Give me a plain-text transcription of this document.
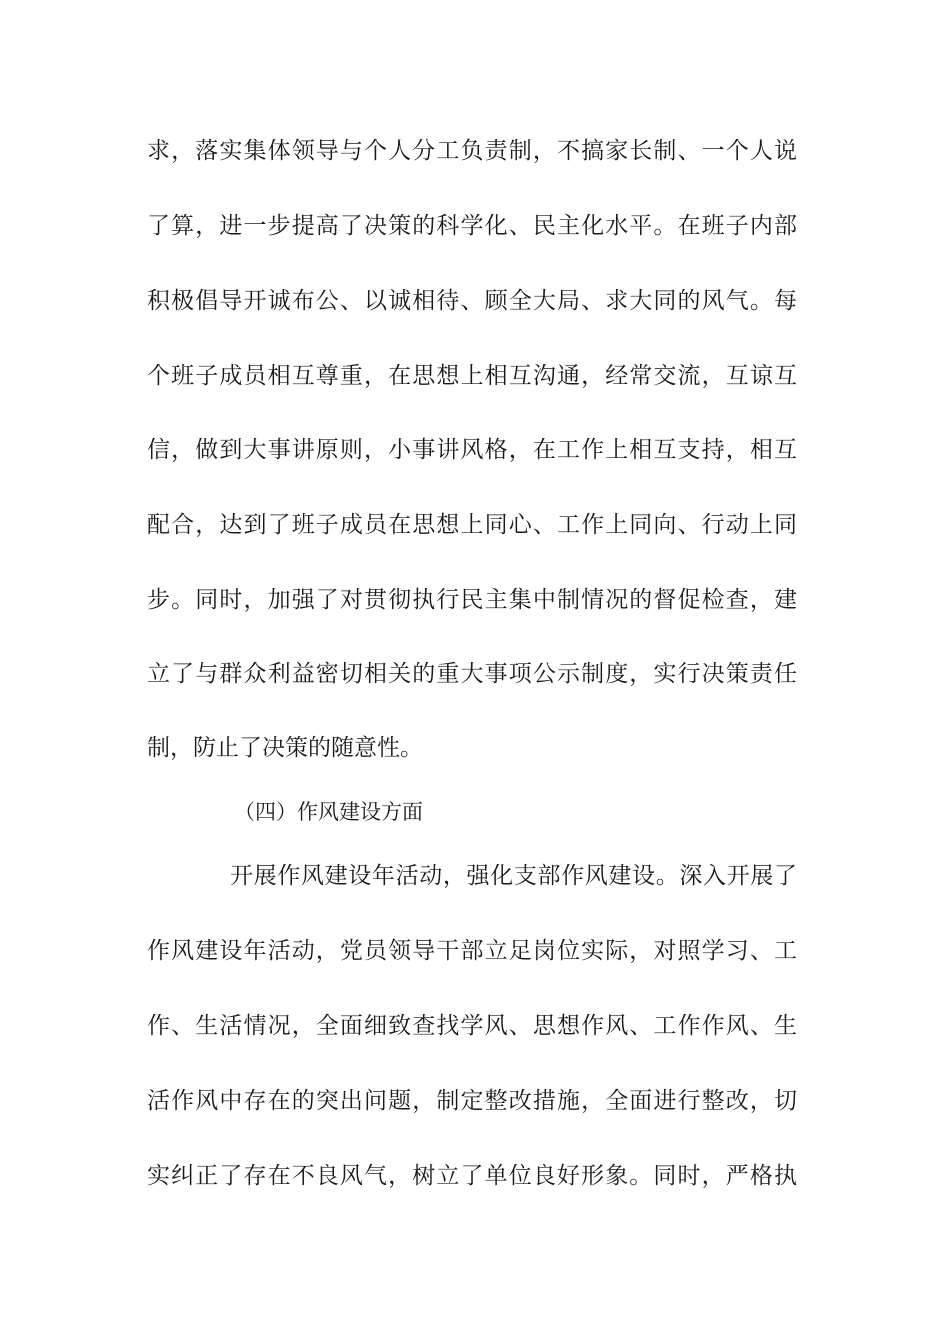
求，落实集体领导与个人分工负责制，不搞家长制、一个人说
了算，进一步提高了决策的科学化、民主化水平。在班子内部
积极倡导开诚布公、以诚相待、顾全大局、求大同的风气。每
个班子成员相互尊重，在思想上相互沟通，经常交流，互谅互
信，做到大事讲原则，小事讲风格，在工作上相互支持，相互
配合，达到了班子成员在思想上同心、工作上同向、行动上同
步。同时，加强了对贯彻执行民主集中制情况的督促检查，建
立了与群众利益密切相关的重大事项公示制度，实行决策责任
制，防止了决策的随意性。
（四）作风建设方面
开展作风建设年活动，强化支部作风建设。深入开展了
作风建设年活动，党员领导干部立足岗位实际，对照学习、工
作、生活情况，全面细致查找学风、思想作风、工作作风、生
活作风中存在的突出问题，制定整改措施，全面进行整改，切
实纠正了存在不良风气，树立了单位良好形象。同时，严格执
